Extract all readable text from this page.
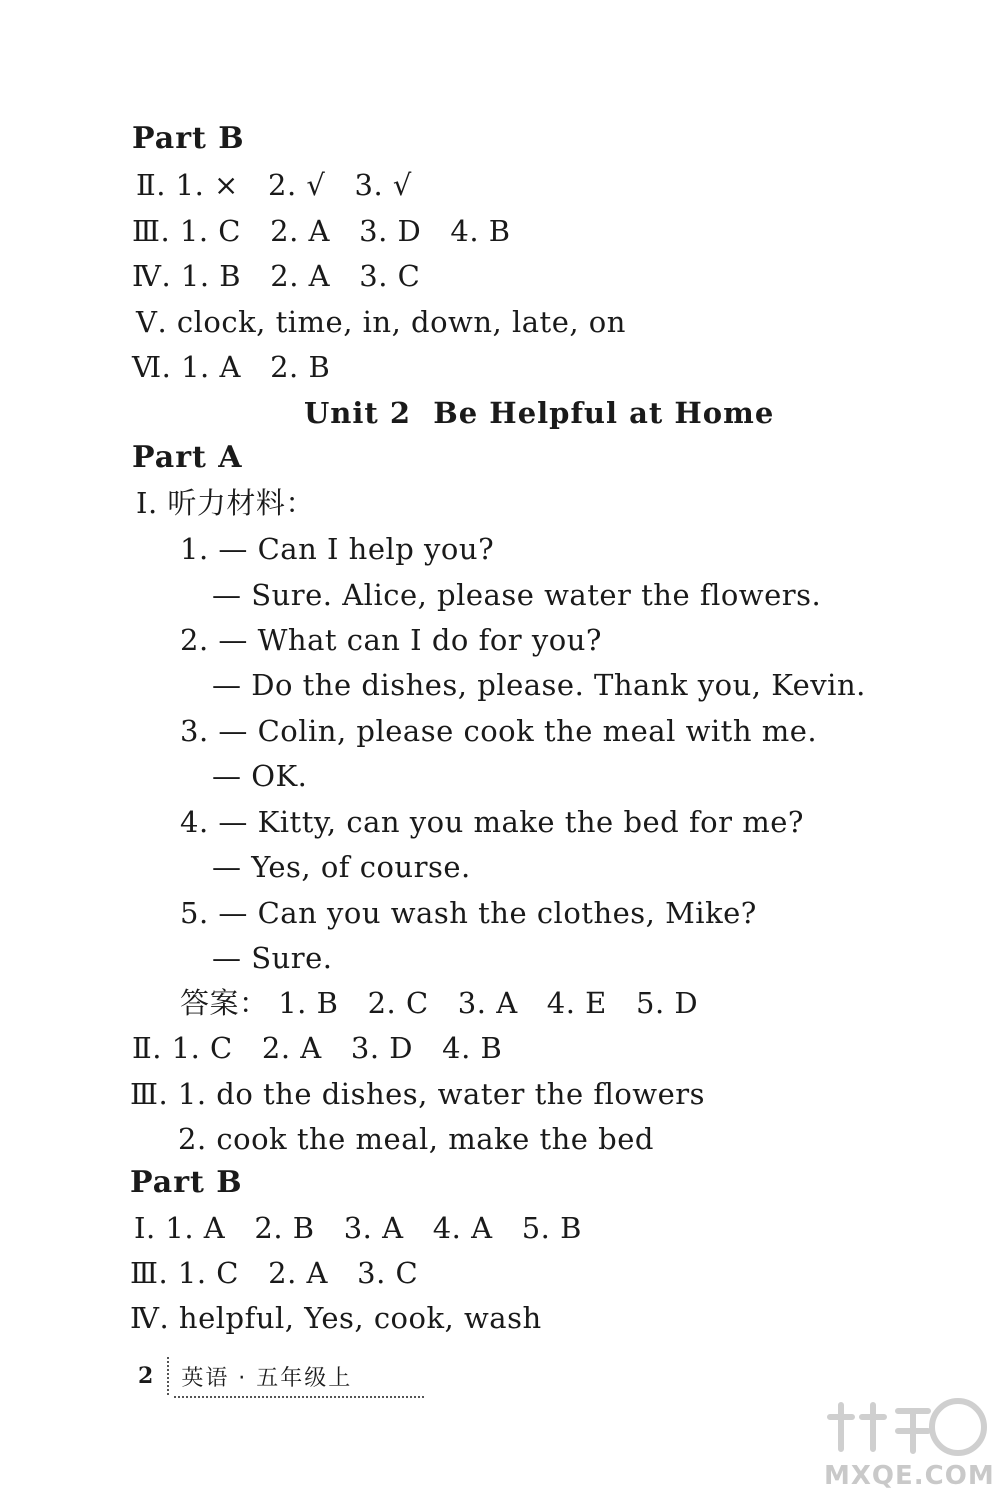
Part B
Ⅱ. 1. ×   2. √   3. √
Ⅲ. 1. C   2. A   3. D   4. B
Ⅳ. 1. B   2. A   3. C
Ⅴ. clock, time, in, down, late, on
Ⅵ. 1. A   2. B
Unit 2  Be Helpful at Home
Part A
Ⅰ. 听力材料：
1. — Can I help you?
— Sure. Alice, please water the flowers.
2. — What can I do for you?
— Do the dishes, please. Thank you, Kevin.
3. — Colin, please cook the meal with me.
— OK.
4. — Kitty, can you make the bed for me?
— Yes, of course.
5. — Can you wash the clothes, Mike?
— Sure.
答案： 1. B   2. C   3. A   4. E   5. D
Ⅱ. 1. C   2. A   3. D   4. B
Ⅲ. 1. do the dishes, water the flowers
2. cook the meal, make the bed
Part B
Ⅰ. 1. A   2. B   3. A   4. A   5. B
Ⅲ. 1. C   2. A   3. C
Ⅳ. helpful, Yes, cook, wash
2 英语 · 五年级上
MXQE.COM
